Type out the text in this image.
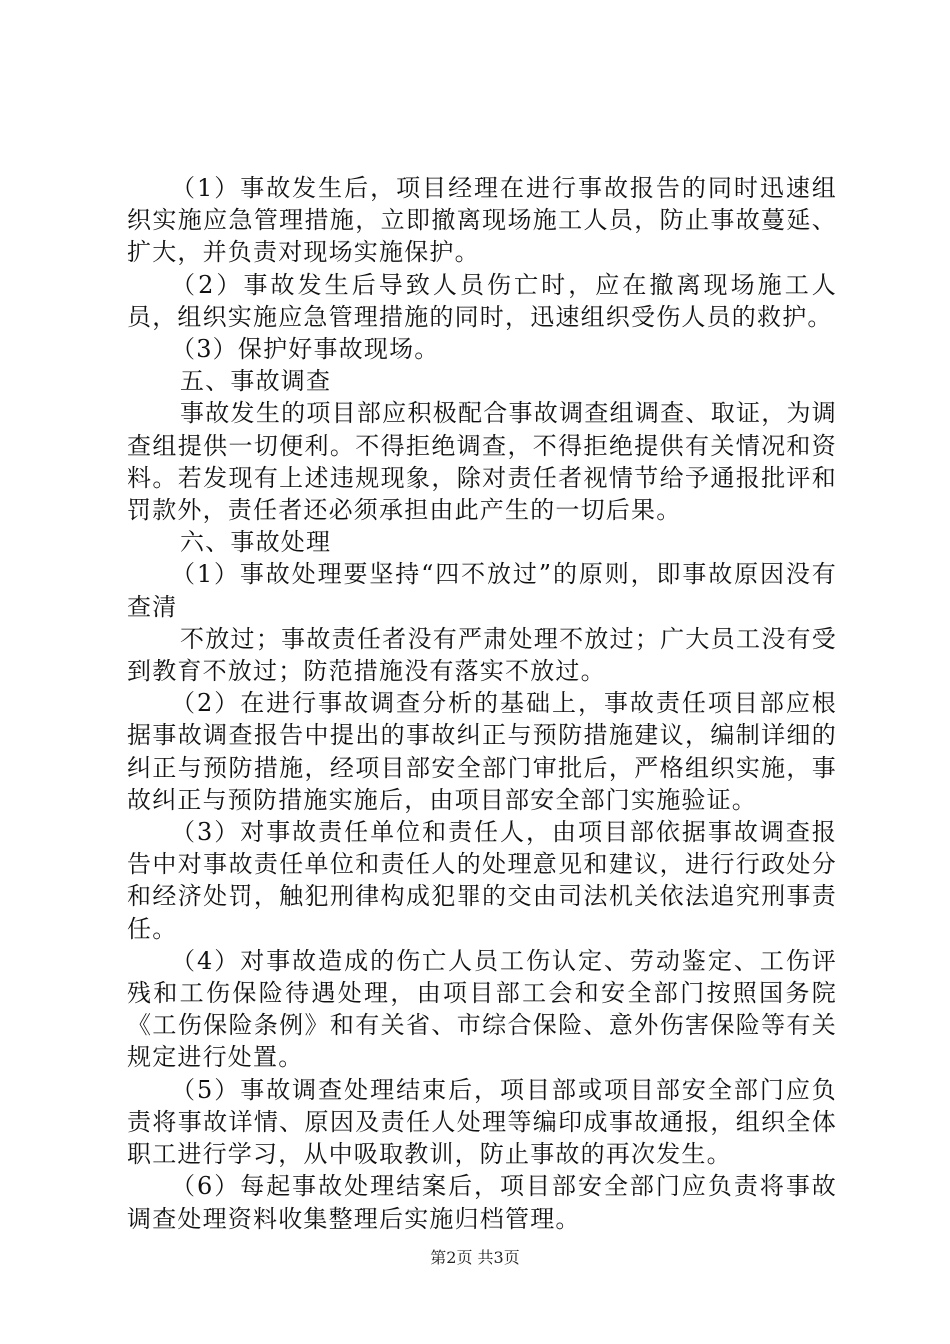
（1）事故发生后，项目经理在进行事故报告的同时迅速组织实施应急管理措施，立即撤离现场施工人员，防止事故蔓延、扩大，并负责对现场实施保护。

（2）事故发生后导致人员伤亡时，应在撤离现场施工人员，组织实施应急管理措施的同时，迅速组织受伤人员的救护。

（3）保护好事故现场。

五、事故调查

事故发生的项目部应积极配合事故调查组调查、取证，为调查组提供一切便利。不得拒绝调查，不得拒绝提供有关情况和资料。若发现有上述违规现象，除对责任者视情节给予通报批评和罚款外，责任者还必须承担由此产生的一切后果。

六、事故处理

（1）事故处理要坚持“四不放过”的原则，即事故原因没有查清

不放过；事故责任者没有严肃处理不放过；广大员工没有受到教育不放过；防范措施没有落实不放过。

（2）在进行事故调查分析的基础上，事故责任项目部应根据事故调查报告中提出的事故纠正与预防措施建议，编制详细的纠正与预防措施，经项目部安全部门审批后，严格组织实施，事故纠正与预防措施实施后，由项目部安全部门实施验证。

（3）对事故责任单位和责任人，由项目部依据事故调查报告中对事故责任单位和责任人的处理意见和建议，进行行政处分和经济处罚，触犯刑律构成犯罪的交由司法机关依法追究刑事责任。

（4）对事故造成的伤亡人员工伤认定、劳动鉴定、工伤评残和工伤保险待遇处理，由项目部工会和安全部门按照国务院《工伤保险条例》和有关省、市综合保险、意外伤害保险等有关规定进行处置。

（5）事故调查处理结束后，项目部或项目部安全部门应负责将事故详情、原因及责任人处理等编印成事故通报，组织全体职工进行学习，从中吸取教训，防止事故的再次发生。

（6）每起事故处理结案后，项目部安全部门应负责将事故调查处理资料收集整理后实施归档管理。

第2页 共3页
